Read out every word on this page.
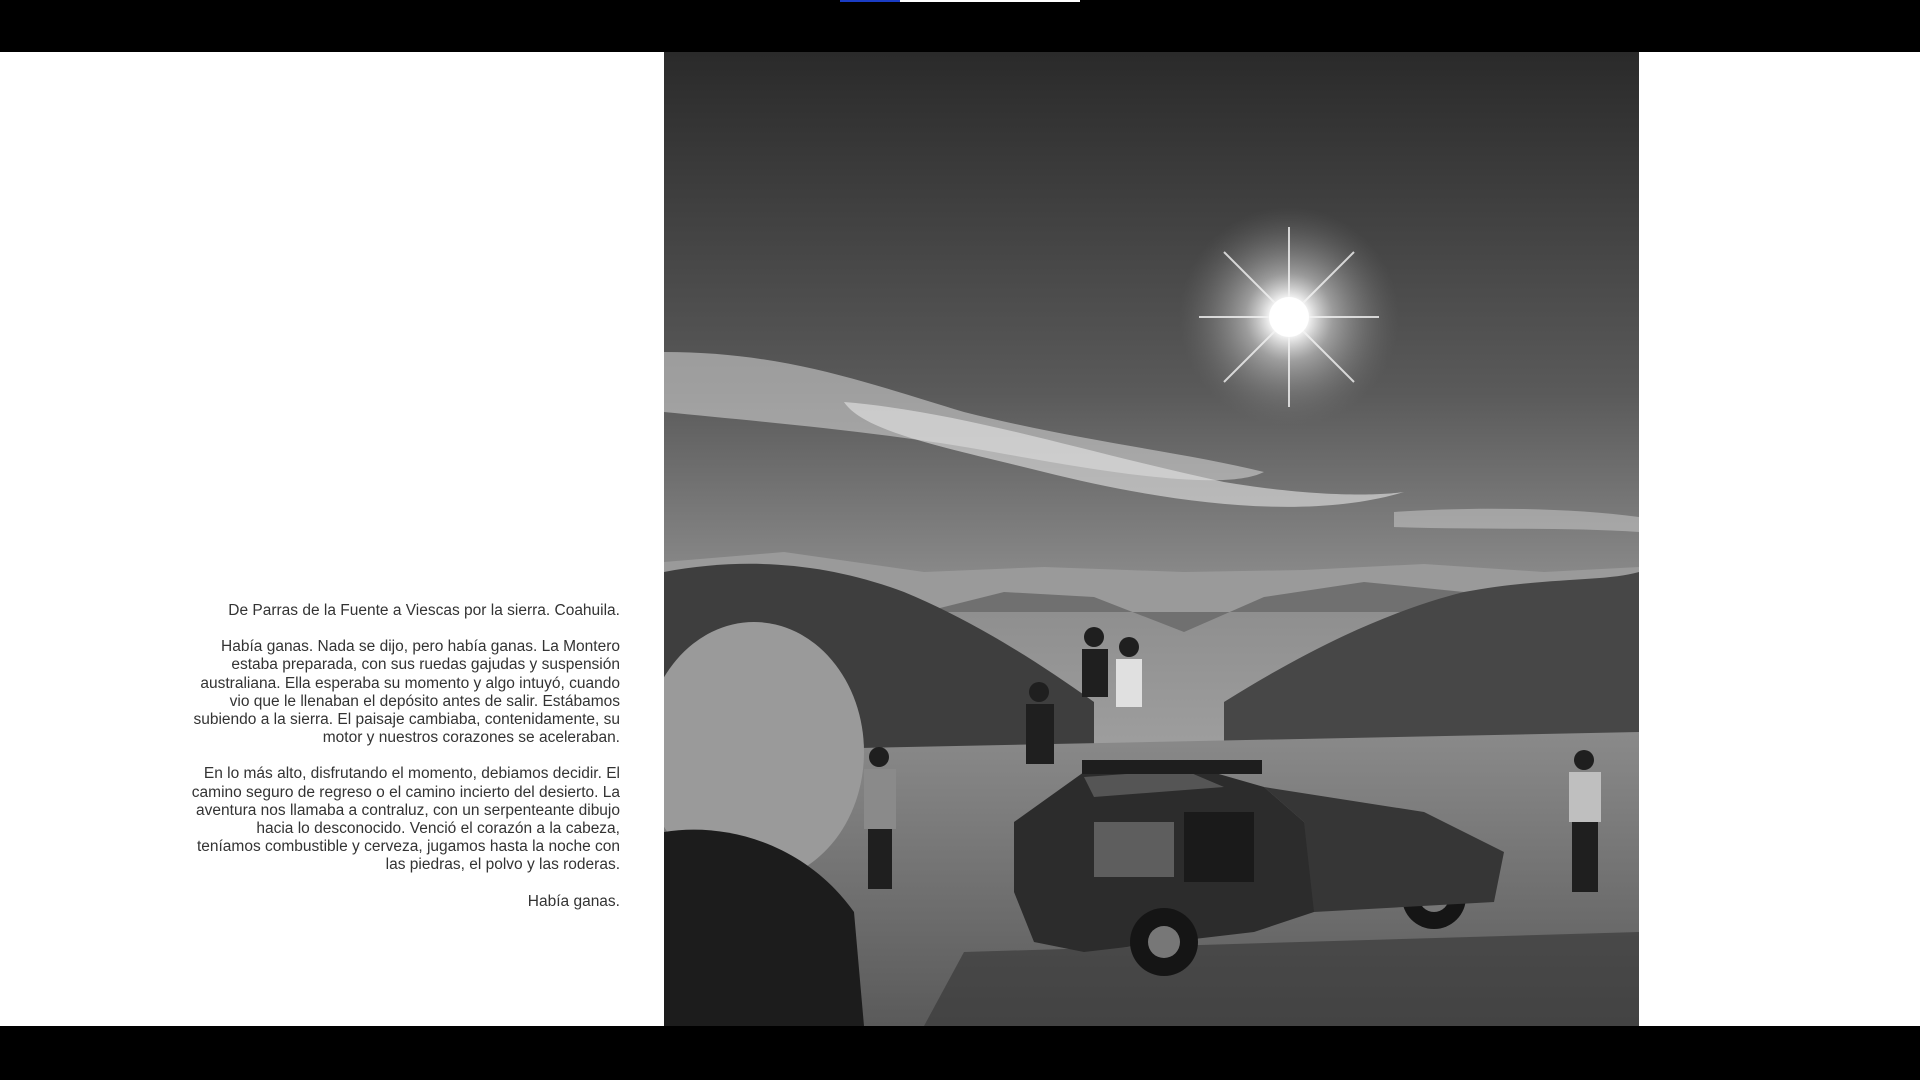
De Parras de la Fuente a Viescas por la sierra. Coahuila.

Había ganas. Nada se dijo, pero había ganas. La Montero estaba preparada, con sus ruedas gajudas y suspensión australiana. Ella esperaba su momento y algo intuyó, cuando vio que le llenaban el depósito antes de salir. Estábamos subiendo a la sierra. El paisaje cambiaba, contenidamente, su motor y nuestros corazones se aceleraban.

En lo más alto, disfrutando el momento, debiamos decidir. El camino seguro de regreso o el camino incierto del desierto. La aventura nos llamaba a contraluz, con un serpenteante dibujo hacia lo desconocido. Venció el corazón a la cabeza, teníamos combustible y cerveza, jugamos hasta la noche con las piedras, el polvo y las roderas.

Había ganas.
